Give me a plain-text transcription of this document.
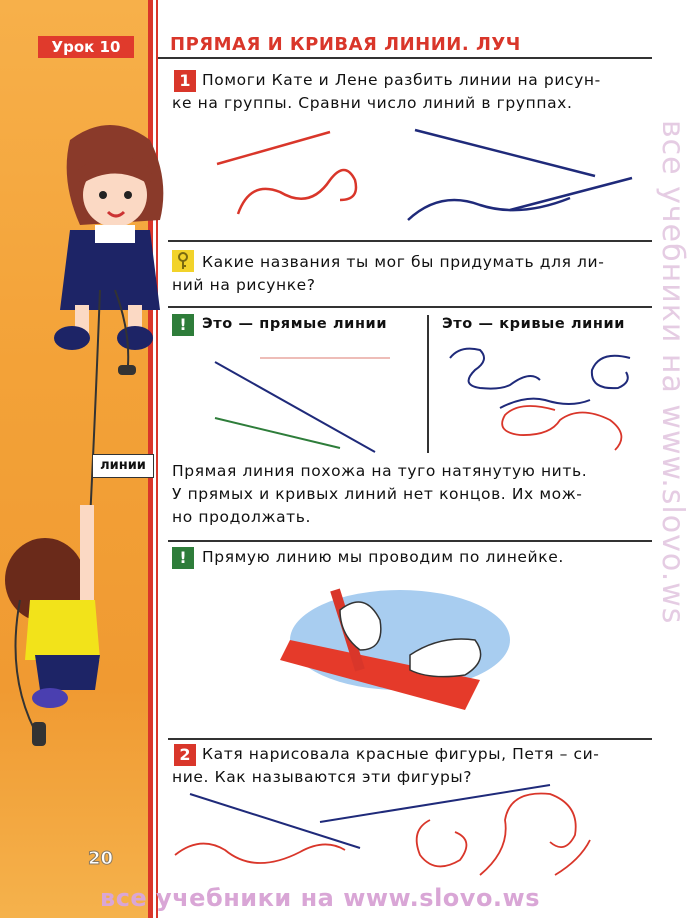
линии
20
Урок 10	ПРЯМАЯ И КРИВАЯ ЛИНИИ. ЛУЧ
1 Помоги Кате и Лене разбить линии на рисун-
ке на группы. Сравни число линий в группах.
Какие названия ты мог бы придумать для ли-
ний на рисунке?
!	Это — прямые линии	Это — кривые линии
Прямая линия похожа на туго натянутую нить.
У прямых и кривых линий нет концов. Их мож-
но продолжать.
! Прямую линию мы проводим по линейке.
2 Катя нарисовала красные фигуры, Петя – си-
ние. Как называются эти фигуры?
все учебники на www.slovo.ws
все учебники на www.slovo.ws
